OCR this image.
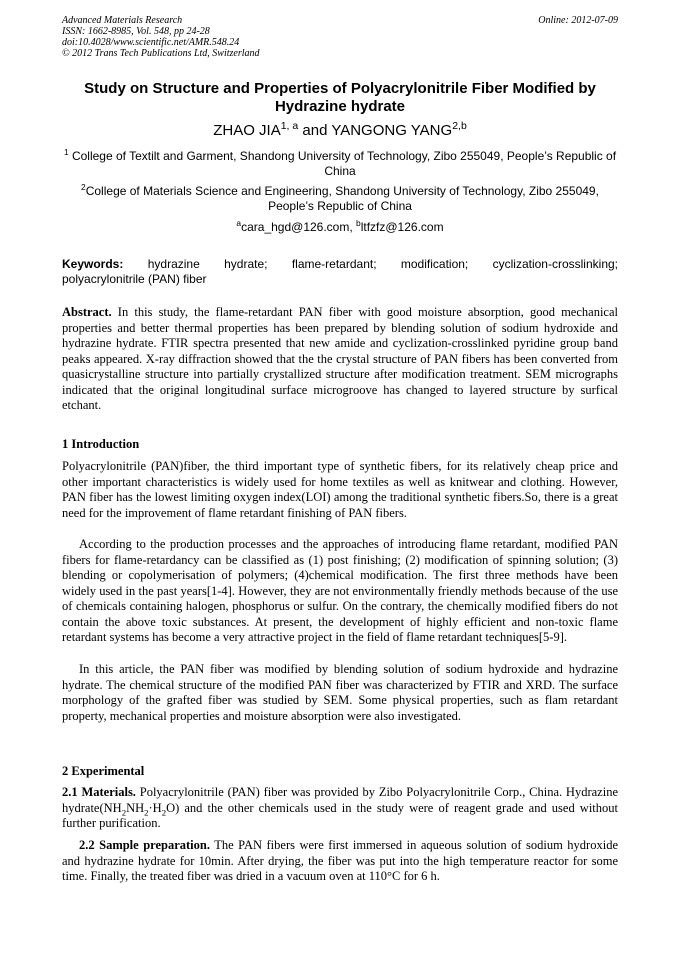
Advanced Materials Research
ISSN: 1662-8985, Vol. 548, pp 24-28
doi:10.4028/www.scientific.net/AMR.548.24
© 2012 Trans Tech Publications Ltd, Switzerland
Online: 2012-07-09
Study on Structure and Properties of Polyacrylonitrile Fiber Modified by Hydrazine hydrate
ZHAO JIA$^{1, a}$ and YANGONG YANG$^{2,b}$
$^1$ College of Textilt and Garment, Shandong University of Technology, Zibo 255049, People’s Republic of China
$^2$College of Materials Science and Engineering, Shandong University of Technology, Zibo 255049, People’s Republic of China
$^a$cara_hgd@126.com, $^b$ltfzfz@126.com
Keywords: hydrazine hydrate; flame-retardant; modification; cyclization-crosslinking;
polyacrylonitrile (PAN) fiber
Abstract. In this study, the flame-retardant PAN fiber with good moisture absorption, good mechanical properties and better thermal properties has been prepared by blending solution of sodium hydroxide and hydrazine hydrate. FTIR spectra presented that new amide and cyclization-crosslinked pyridine group band peaks appeared. X-ray diffraction showed that the the crystal structure of PAN fibers has been converted from quasicrystalline structure into partially crystallized structure after modification treatment. SEM micrographs indicated that the original longitudinal surface microgroove has changed to layered structure by surfical etchant.
1 Introduction
Polyacrylonitrile (PAN)fiber, the third important type of synthetic fibers, for its relatively cheap price and other important characteristics is widely used for home textiles as well as knitwear and clothing. However, PAN fiber has the lowest limiting oxygen index(LOI) among the traditional synthetic fibers.So, there is a great need for the improvement of flame retardant finishing of PAN fibers.
According to the production processes and the approaches of introducing flame retardant, modified PAN fibers for flame-retardancy can be classified as (1) post finishing; (2) modification of spinning solution; (3) blending or copolymerisation of polymers; (4)chemical modification. The first three methods have been widely used in the past years[1-4]. However, they are not environmentally friendly methods because of the use of chemicals containing halogen, phosphorus or sulfur. On the contrary, the chemically modified fibers do not contain the above toxic substances. At present, the development of highly efficient and non-toxic flame retardant systems has become a very attractive project in the field of flame retardant techniques[5-9].
In this article, the PAN fiber was modified by blending solution of sodium hydroxide and hydrazine hydrate. The chemical structure of the modified PAN fiber was characterized by FTIR and XRD. The surface morphology of the grafted fiber was studied by SEM. Some physical properties, such as flam retardant property, mechanical properties and moisture absorption were also investigated.
2 Experimental
2.1 Materials. Polyacrylonitrile (PAN) fiber was provided by Zibo Polyacrylonitrile Corp., China. Hydrazine $hydrate(NH_2NH_2\cdot H_2O)$ and the other chemicals used in the study were of reagent grade and used without further purification.
2.2 Sample preparation. The PAN fibers were first immersed in aqueous solution of sodium hydroxide and hydrazine hydrate for 10min. After drying, the fiber was put into the high temperature reactor for some time. Finally, the treated fiber was dried in a vacuum oven at 110°C for 6 h.
